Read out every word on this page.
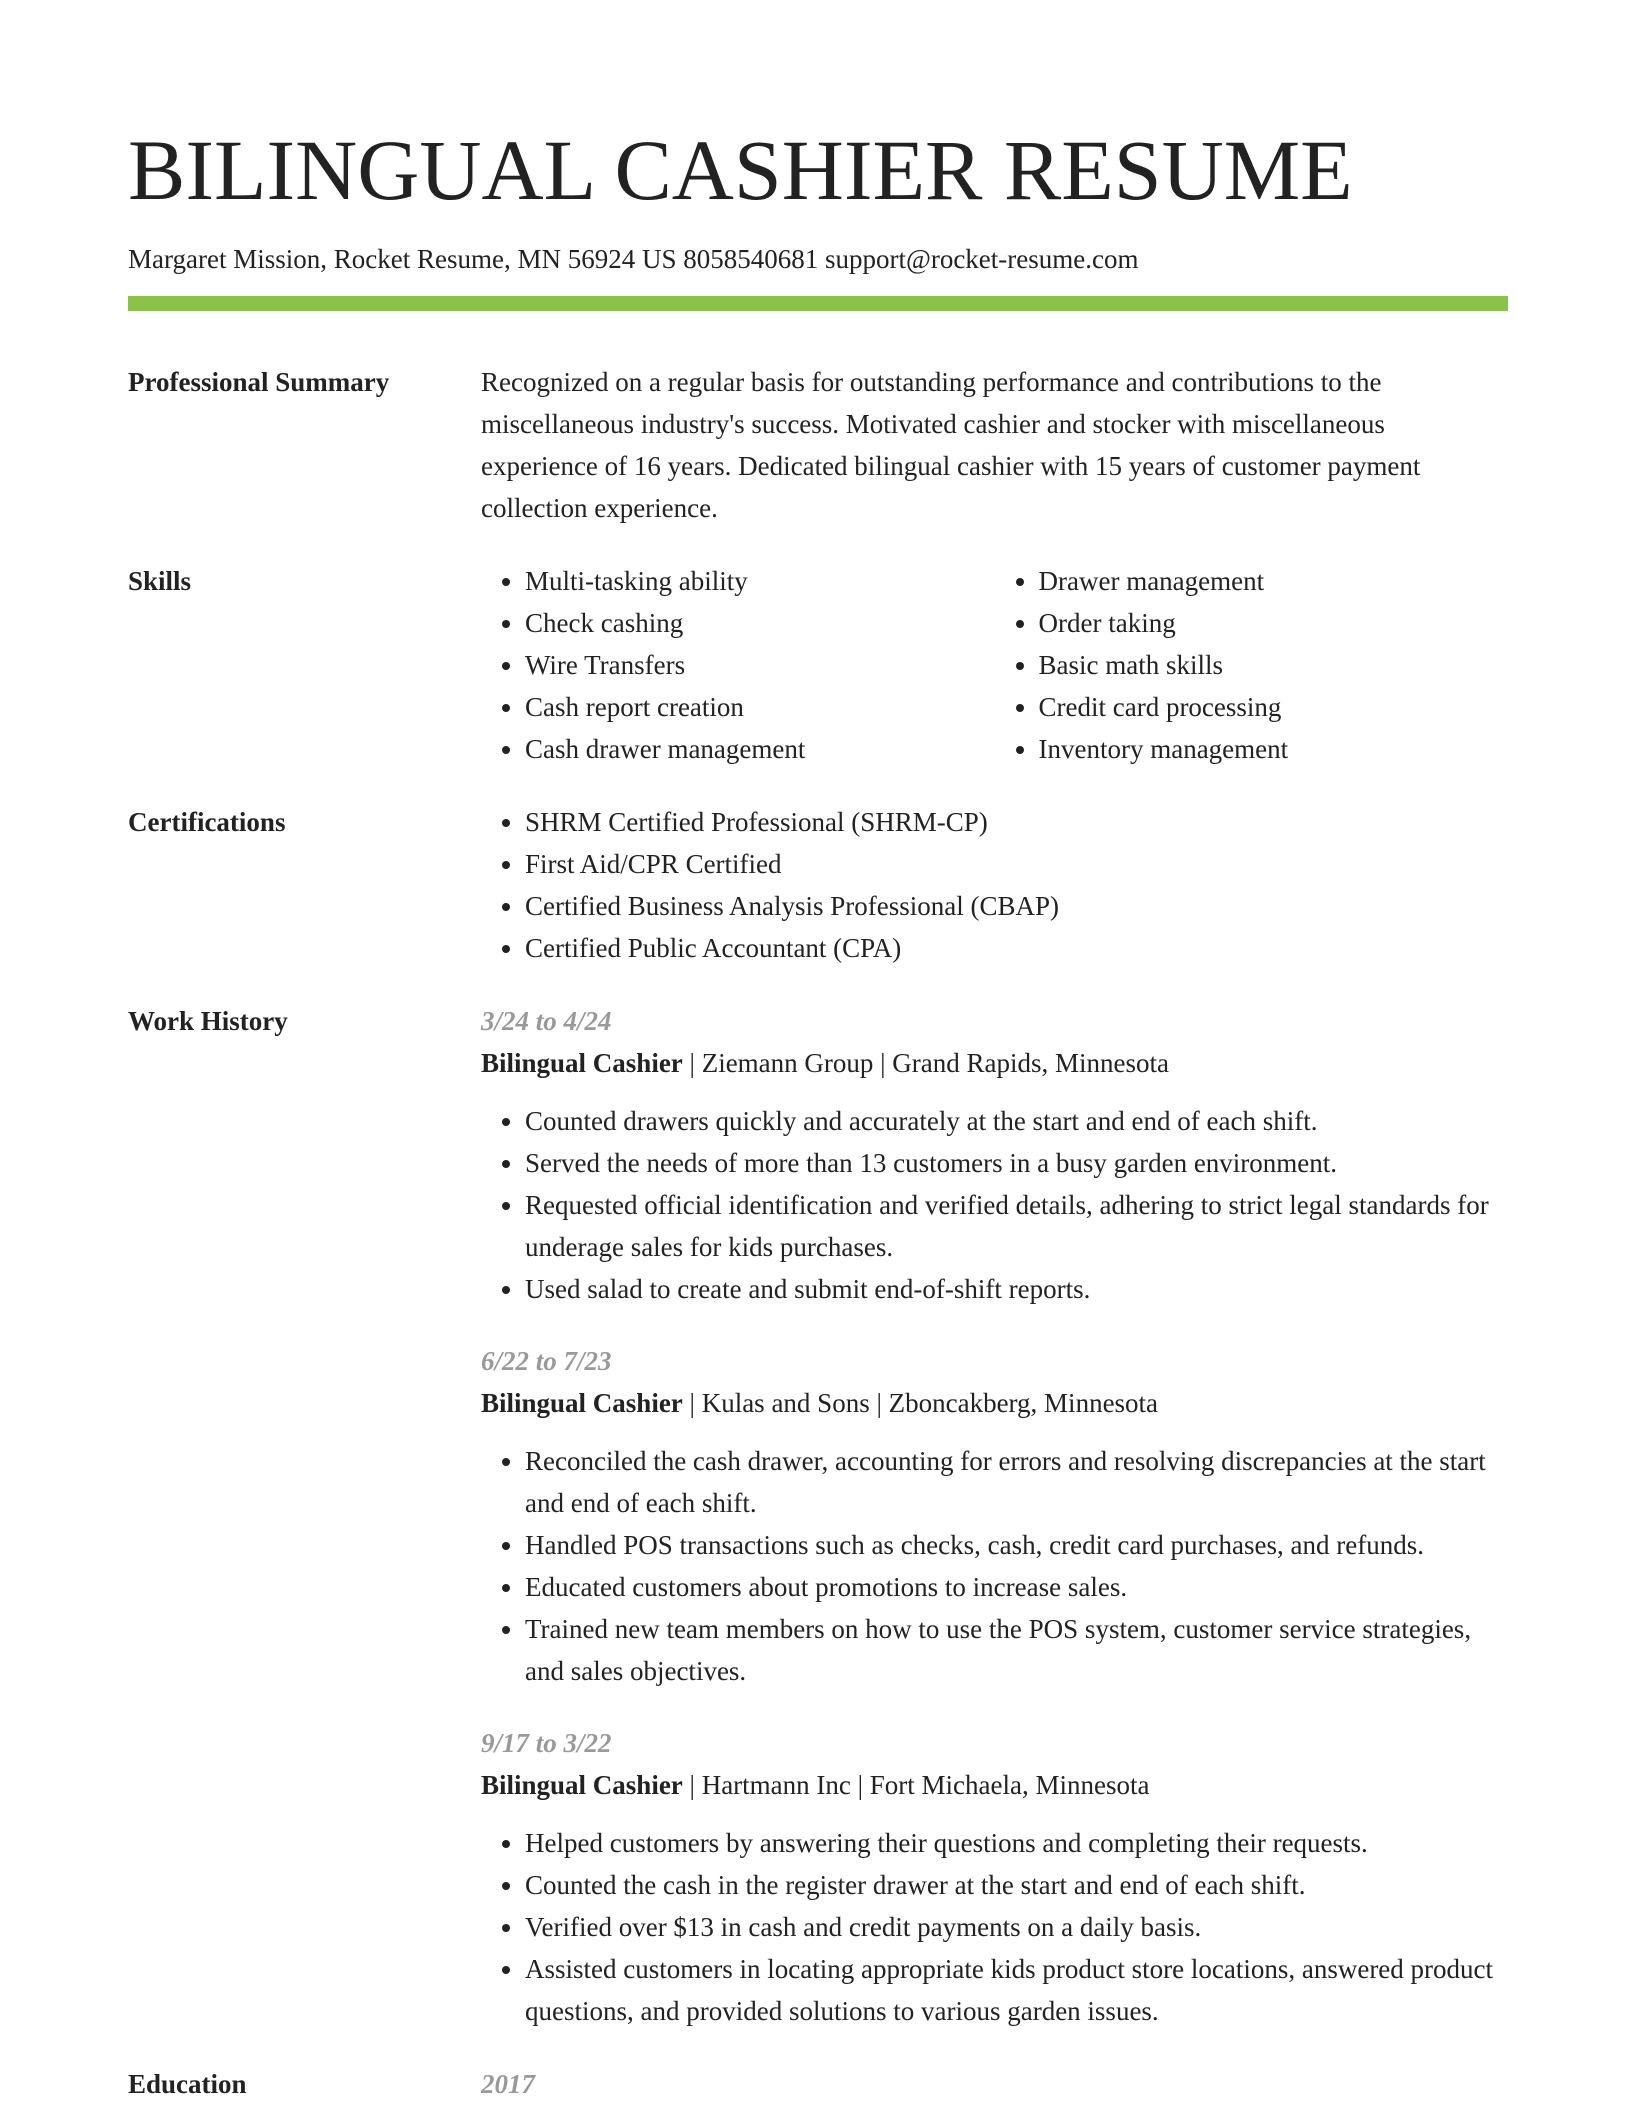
BILINGUAL CASHIER RESUME
Margaret Mission, Rocket Resume, MN 56924 US 8058540681 support@rocket-resume.com
Professional Summary	Recognized on a regular basis for outstanding performance and contributions to the miscellaneous industry's success. Motivated cashier and stocker with miscellaneous experience of 16 years. Dedicated bilingual cashier with 15 years of customer payment collection experience.

Skills	• Multi-tasking ability
• Check cashing
• Wire Transfers
• Cash report creation
• Cash drawer management
• Drawer management
• Order taking
• Basic math skills
• Credit card processing
• Inventory management
Certifications	• SHRM Certified Professional (SHRM-CP)
• First Aid/CPR Certified
• Certified Business Analysis Professional (CBAP)
• Certified Public Accountant (CPA)
Work History	3/24 to 4/24
Bilingual Cashier | Ziemann Group | Grand Rapids, Minnesota
• Counted drawers quickly and accurately at the start and end of each shift.
• Served the needs of more than 13 customers in a busy garden environment.
• Requested official identification and verified details, adhering to strict legal standards for underage sales for kids purchases.
• Used salad to create and submit end-of-shift reports.
6/22 to 7/23
Bilingual Cashier | Kulas and Sons | Zboncakberg, Minnesota
• Reconciled the cash drawer, accounting for errors and resolving discrepancies at the start and end of each shift.
• Handled POS transactions such as checks, cash, credit card purchases, and refunds.
• Educated customers about promotions to increase sales.
• Trained new team members on how to use the POS system, customer service strategies, and sales objectives.
9/17 to 3/22
Bilingual Cashier | Hartmann Inc | Fort Michaela, Minnesota
• Helped customers by answering their questions and completing their requests.
• Counted the cash in the register drawer at the start and end of each shift.
• Verified over $13 in cash and credit payments on a daily basis.
• Assisted customers in locating appropriate kids product store locations, answered product questions, and provided solutions to various garden issues.
Education	2017
